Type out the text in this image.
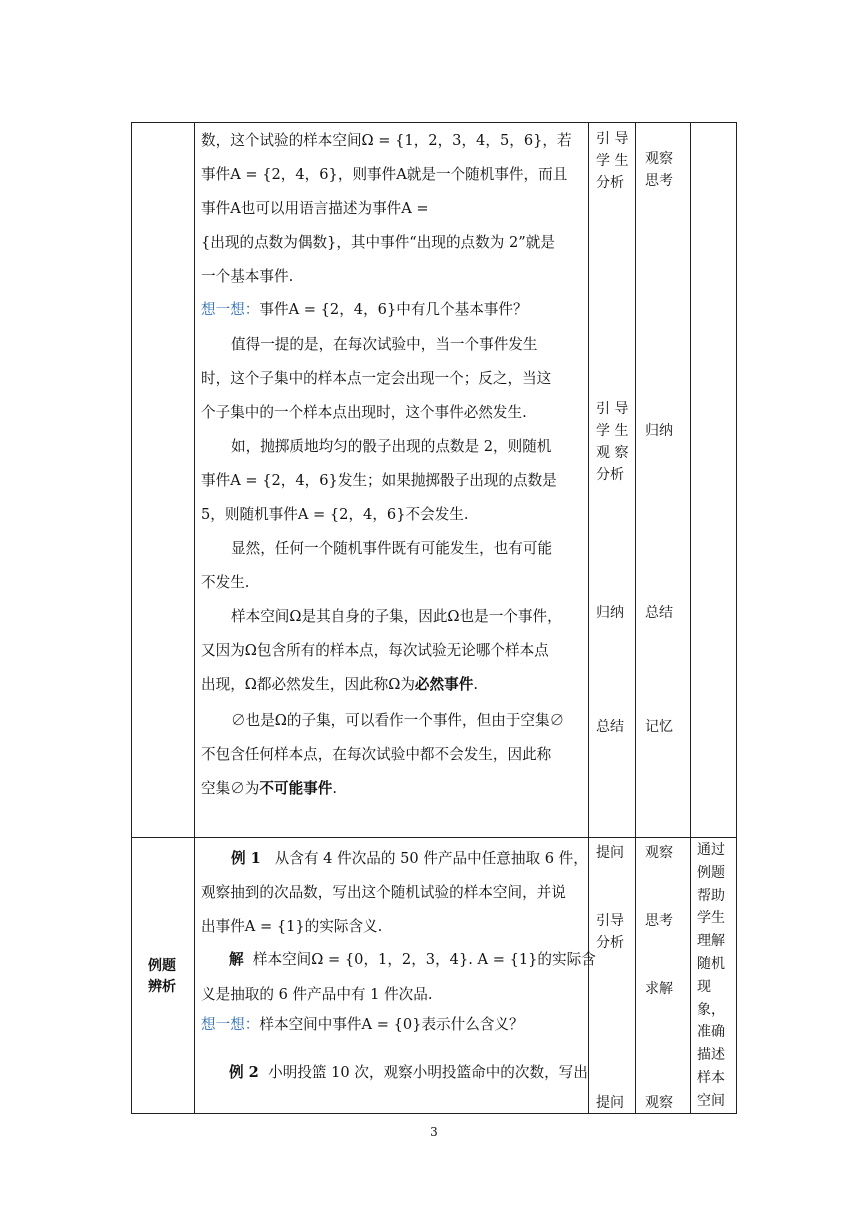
数，这个试验的样本空间Ω = {1，2，3，4，5，6}，若
事件A = {2，4，6}，则事件A就是一个随机事件，而且
事件A也可以用语言描述为事件A =
{出现的点数为偶数}，其中事件“出现的点数为 2”就是
一个基本事件.
想一想：事件A = {2，4，6}中有几个基本事件？
值得一提的是，在每次试验中，当一个事件发生
时，这个子集中的样本点一定会出现一个；反之，当这
个子集中的一个样本点出现时，这个事件必然发生.
如，抛掷质地均匀的骰子出现的点数是 2，则随机
事件A = {2，4，6}发生；如果抛掷骰子出现的点数是
5，则随机事件A = {2，4，6}不会发生.
显然，任何一个随机事件既有可能发生，也有可能
不发生.
样本空间Ω是其自身的子集，因此Ω也是一个事件，
又因为Ω包含所有的样本点，每次试验无论哪个样本点
出现，Ω都必然发生，因此称Ω为必然事件.
∅也是Ω的子集，可以看作一个事件，但由于空集∅
不包含任何样本点，在每次试验中都不会发生，因此称
空集∅为不可能事件.
引 导
学 生
分析
引 导
学 生
观 察
分析
归纳
总结
观察
思考
归纳
总结
记忆
例题
辨析
例 1 从含有 4 件次品的 50 件产品中任意抽取 6 件，
观察抽到的次品数，写出这个随机试验的样本空间，并说
出事件A = {1}的实际含义.
解 样本空间Ω = {0，1，2，3，4}. A = {1}的实际含
义是抽取的 6 件产品中有 1 件次品.
想一想：样本空间中事件A = {0}表示什么含义？
例 2 小明投篮 10 次，观察小明投篮命中的次数，写出
提问
引导
分析
提问
观察
思考
求解
观察
通过例题帮助学生理解随机现象，准确描述样本空间
3
